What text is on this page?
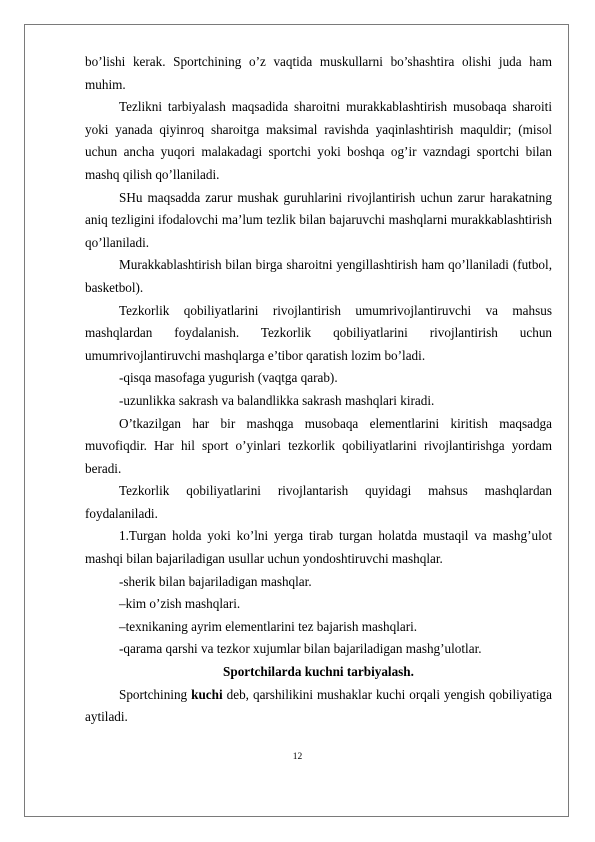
bo’lishi kerak. Sportchining o’z vaqtida muskullarni bo’shashtira olishi juda ham muhim.

Tezlikni tarbiyalash maqsadida sharoitni murakkablashtirish musobaqa sharoiti yoki yanada qiyinroq sharoitga maksimal ravishda yaqinlashtirish maquldir; (misol uchun ancha yuqori malakadagi sportchi yoki boshqa og’ir vazndagi sportchi bilan mashq qilish qo’llaniladi.

SHu maqsadda zarur mushak guruhlarini rivojlantirish uchun zarur harakatning aniq tezligini ifodalovchi ma’lum tezlik bilan bajaruvchi mashqlarni murakkablashtirish qo’llaniladi.

Murakkablashtirish bilan birga sharoitni yengillashtirish ham qo’llaniladi (futbol, basketbol).

Tezkorlik qobiliyatlarini rivojlantirish umumrivojlantiruvchi va mahsus mashqlardan foydalanish. Tezkorlik qobiliyatlarini rivojlantirish uchun umumrivojlantiruvchi mashqlarga e’tibor qaratish lozim bo’ladi.

-qisqa masofaga yugurish (vaqtga qarab).

-uzunlikka sakrash va balandlikka sakrash mashqlari kiradi.

O’tkazilgan har bir mashqga musobaqa elementlarini kiritish maqsadga muvofiqdir. Har hil sport o’yinlari tezkorlik qobiliyatlarini rivojlantirishga yordam beradi.

Tezkorlik qobiliyatlarini rivojlantarish quyidagi mahsus mashqlardan foydalaniladi.

1.Turgan holda yoki ko’lni yerga tirab turgan holatda mustaqil va mashg’ulot mashqi bilan bajariladigan usullar uchun yondoshtiruvchi mashqlar.

-sherik bilan bajariladigan mashqlar.

–kim o’zish mashqlari.

–texnikaning ayrim elementlarini tez bajarish mashqlari.

-qarama qarshi va tezkor xujumlar bilan bajariladigan mashg’ulotlar.

Sportchilarda kuchni tarbiyalash.

Sportchining kuchi deb, qarshilikini mushaklar kuchi orqali yengish qobiliyatiga aytiladi.

12
